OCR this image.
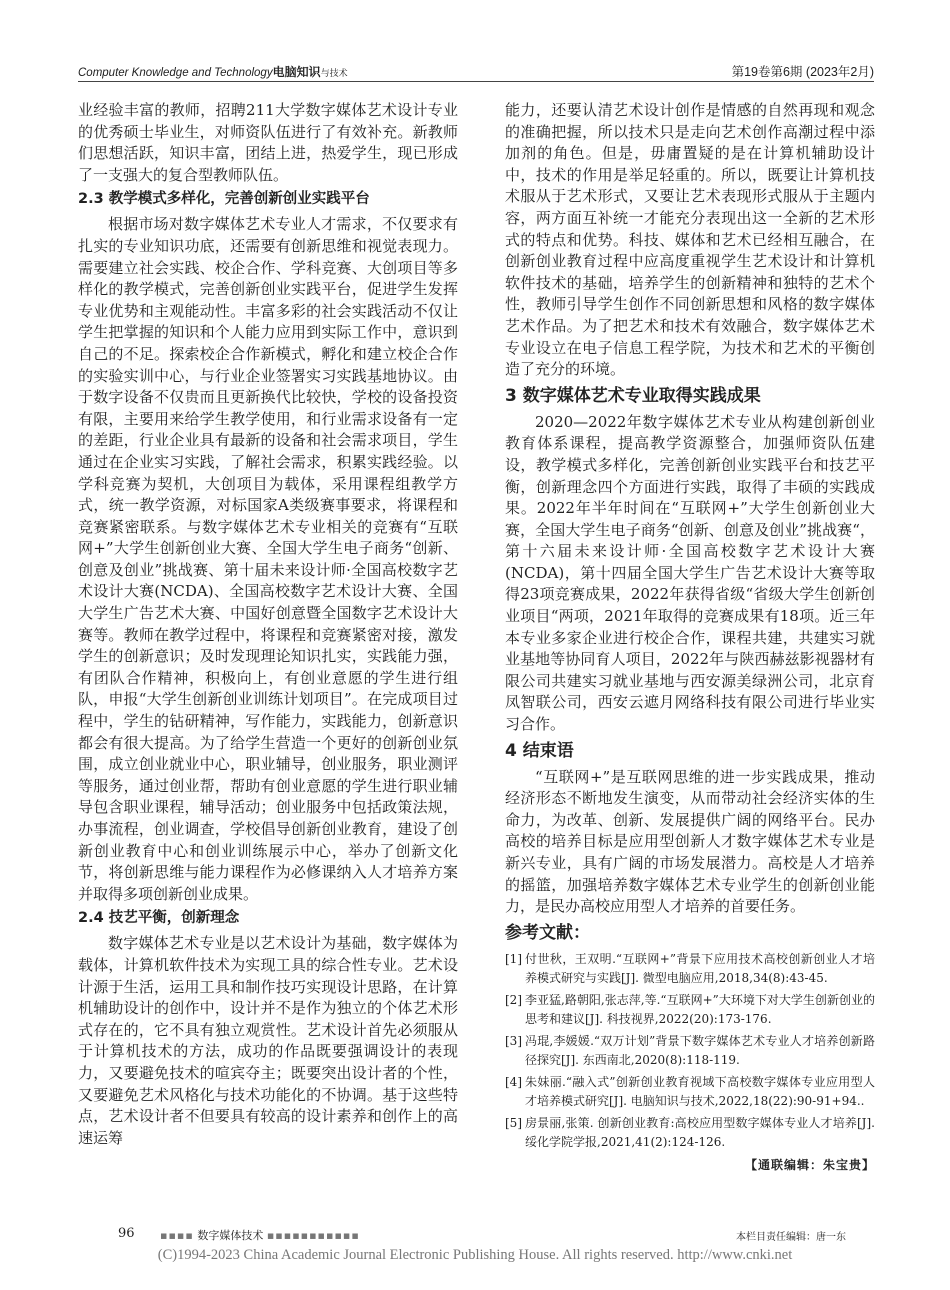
Computer Knowledge and Technology电脑知识与技术	第19卷第6期 (2023年2月)

业经验丰富的教师，招聘211大学数字媒体艺术设计专业的优秀硕士毕业生，对师资队伍进行了有效补充。新教师们思想活跃，知识丰富，团结上进，热爱学生，现已形成了一支强大的复合型教师队伍。

2.3 教学模式多样化，完善创新创业实践平台

根据市场对数字媒体艺术专业人才需求，不仅要求有扎实的专业知识功底，还需要有创新思维和视觉表现力。需要建立社会实践、校企合作、学科竞赛、大创项目等多样化的教学模式，完善创新创业实践平台，促进学生发挥专业优势和主观能动性。丰富多彩的社会实践活动不仅让学生把掌握的知识和个人能力应用到实际工作中，意识到自己的不足。探索校企合作新模式，孵化和建立校企合作的实验实训中心，与行业企业签署实习实践基地协议。由于数字设备不仅贵而且更新换代比较快，学校的设备投资有限，主要用来给学生教学使用，和行业需求设备有一定的差距，行业企业具有最新的设备和社会需求项目，学生通过在企业实习实践，了解社会需求，积累实践经验。以学科竞赛为契机，大创项目为载体，采用课程组教学方式，统一教学资源，对标国家A类级赛事要求，将课程和竞赛紧密联系。与数字媒体艺术专业相关的竞赛有“互联网+”大学生创新创业大赛、全国大学生电子商务“创新、创意及创业”挑战赛、第十届未来设计师·全国高校数字艺术设计大赛(NCDA)、全国高校数字艺术设计大赛、全国大学生广告艺术大赛、中国好创意暨全国数字艺术设计大赛等。教师在教学过程中，将课程和竞赛紧密对接，激发学生的创新意识；及时发现理论知识扎实，实践能力强，有团队合作精神，积极向上，有创业意愿的学生进行组队，申报“大学生创新创业训练计划项目”。在完成项目过程中，学生的钻研精神，写作能力，实践能力，创新意识都会有很大提高。为了给学生营造一个更好的创新创业氛围，成立创业就业中心，职业辅导，创业服务，职业测评等服务，通过创业帮，帮助有创业意愿的学生进行职业辅导包含职业课程，辅导活动；创业服务中包括政策法规，办事流程，创业调查，学校倡导创新创业教育，建设了创新创业教育中心和创业训练展示中心，举办了创新文化节，将创新思维与能力课程作为必修课纳入人才培养方案并取得多项创新创业成果。

2.4 技艺平衡，创新理念

数字媒体艺术专业是以艺术设计为基础，数字媒体为载体，计算机软件技术为实现工具的综合性专业。艺术设计源于生活，运用工具和制作技巧实现设计思路，在计算机辅助设计的创作中，设计并不是作为独立的个体艺术形式存在的，它不具有独立观赏性。艺术设计首先必须服从于计算机技术的方法，成功的作品既要强调设计的表现力，又要避免技术的喧宾夺主；既要突出设计者的个性，又要避免艺术风格化与技术功能化的不协调。基于这些特点，艺术设计者不但要具有较高的设计素养和创作上的高速运筹

能力，还要认清艺术设计创作是情感的自然再现和观念的准确把握，所以技术只是走向艺术创作高潮过程中添加剂的角色。但是，毋庸置疑的是在计算机辅助设计中，技术的作用是举足轻重的。所以，既要让计算机技术服从于艺术形式，又要让艺术表现形式服从于主题内容，两方面互补统一才能充分表现出这一全新的艺术形式的特点和优势。科技、媒体和艺术已经相互融合，在创新创业教育过程中应高度重视学生艺术设计和计算机软件技术的基础，培养学生的创新精神和独特的艺术个性，教师引导学生创作不同创新思想和风格的数字媒体艺术作品。为了把艺术和技术有效融合，数字媒体艺术专业设立在电子信息工程学院，为技术和艺术的平衡创造了充分的环境。

3 数字媒体艺术专业取得实践成果

2020—2022年数字媒体艺术专业从构建创新创业教育体系课程，提高教学资源整合，加强师资队伍建设，教学模式多样化，完善创新创业实践平台和技艺平衡，创新理念四个方面进行实践，取得了丰硕的实践成果。2022年半年时间在“互联网+”大学生创新创业大赛，全国大学生电子商务“创新、创意及创业”挑战赛“，第十六届未来设计师·全国高校数字艺术设计大赛(NCDA)，第十四届全国大学生广告艺术设计大赛等取得23项竞赛成果，2022年获得省级“省级大学生创新创业项目“两项，2021年取得的竞赛成果有18项。近三年本专业多家企业进行校企合作，课程共建，共建实习就业基地等协同育人项目，2022年与陕西赫兹影视器材有限公司共建实习就业基地与西安源美绿洲公司，北京育凤智联公司，西安云遮月网络科技有限公司进行毕业实习合作。

4 结束语

“互联网+”是互联网思维的进一步实践成果，推动经济形态不断地发生演变，从而带动社会经济实体的生命力，为改革、创新、发展提供广阔的网络平台。民办高校的培养目标是应用型创新人才数字媒体艺术专业是新兴专业，具有广阔的市场发展潜力。高校是人才培养的摇篮，加强培养数字媒体艺术专业学生的创新创业能力，是民办高校应用型人才培养的首要任务。

参考文献：
[1] 付世秋，王双明.“互联网+”背景下应用技术高校创新创业人才培养模式研究与实践[J]. 微型电脑应用,2018,34(8):43-45.
[2] 李亚猛,路朝阳,张志萍,等.“互联网+”大环境下对大学生创新创业的思考和建议[J]. 科技视界,2022(20):173-176.
[3] 冯琨,李媛媛.“双万计划”背景下数字媒体艺术专业人才培养创新路径探究[J]. 东西南北,2020(8):118-119.
[4] 朱妹丽.“融入式”创新创业教育视域下高校数字媒体专业应用型人才培养模式研究[J]. 电脑知识与技术,2022,18(22):90-91+94..
[5] 房景丽,张策. 创新创业教育:高校应用型数字媒体专业人才培养[J]. 绥化学院学报,2021,41(2):124-126.
【通联编辑：朱宝贵】
96 ▪▪▪▪ 数字媒体技术 ▪▪▪▪▪▪▪▪▪▪▪	本栏目责任编辑：唐一东
(C)1994-2023 China Academic Journal Electronic Publishing House. All rights reserved. http://www.cnki.net
